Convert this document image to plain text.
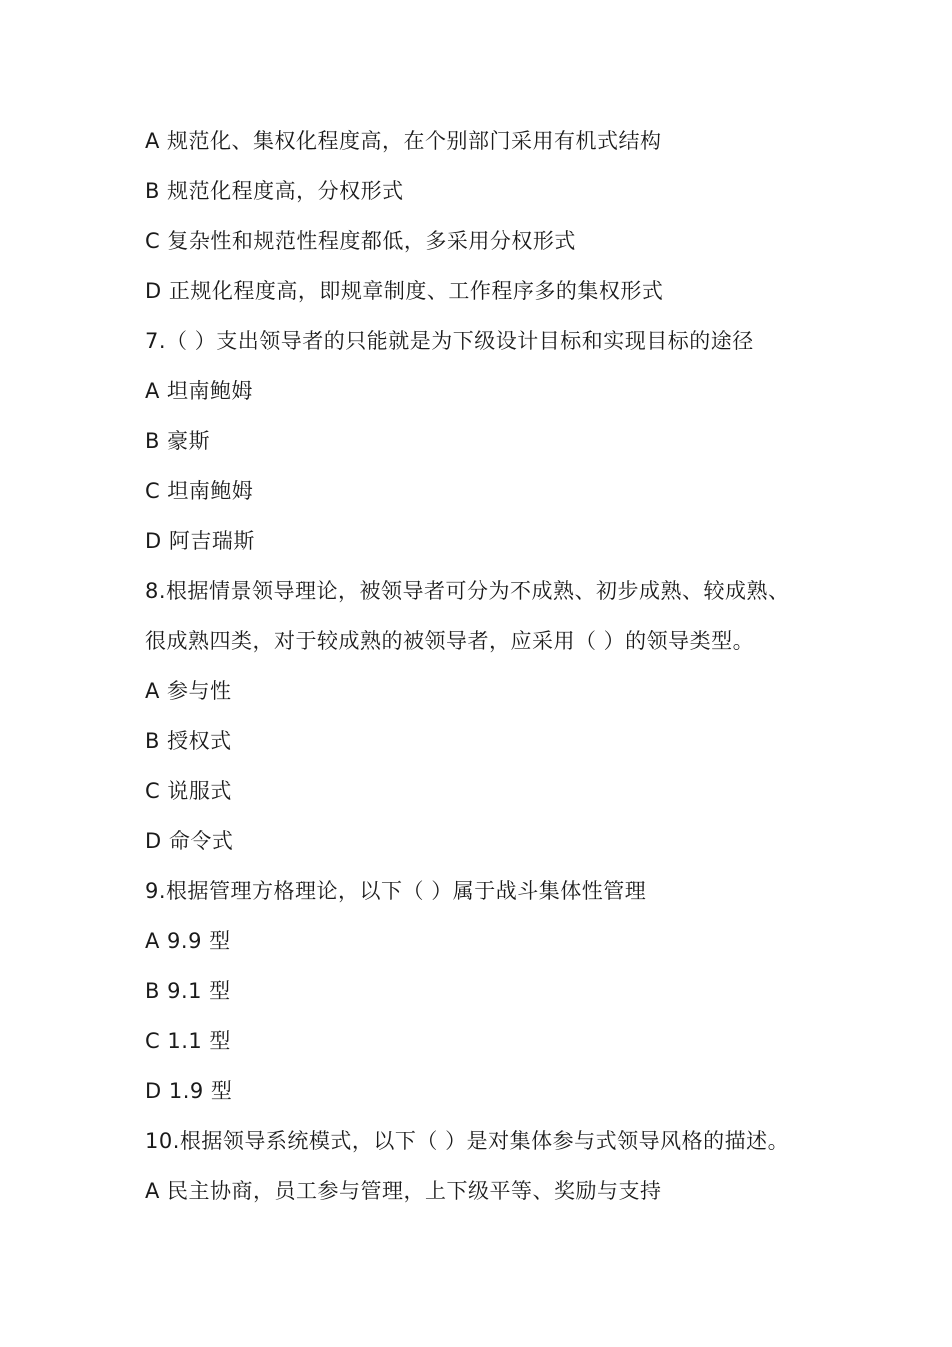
A 规范化、集权化程度高，在个别部门采用有机式结构
B 规范化程度高，分权形式
C 复杂性和规范性程度都低，多采用分权形式
D 正规化程度高，即规章制度、工作程序多的集权形式
7.（ ）支出领导者的只能就是为下级设计目标和实现目标的途径
A 坦南鲍姆
B 豪斯
C 坦南鲍姆
D 阿吉瑞斯
8.根据情景领导理论，被领导者可分为不成熟、初步成熟、较成熟、
很成熟四类，对于较成熟的被领导者，应采用（ ）的领导类型。
A 参与性
B 授权式
C 说服式
D 命令式
9.根据管理方格理论，以下（ ）属于战斗集体性管理
A 9.9 型
B 9.1 型
C 1.1 型
D 1.9 型
10.根据领导系统模式，以下（ ）是对集体参与式领导风格的描述。
A 民主协商，员工参与管理，上下级平等、奖励与支持
